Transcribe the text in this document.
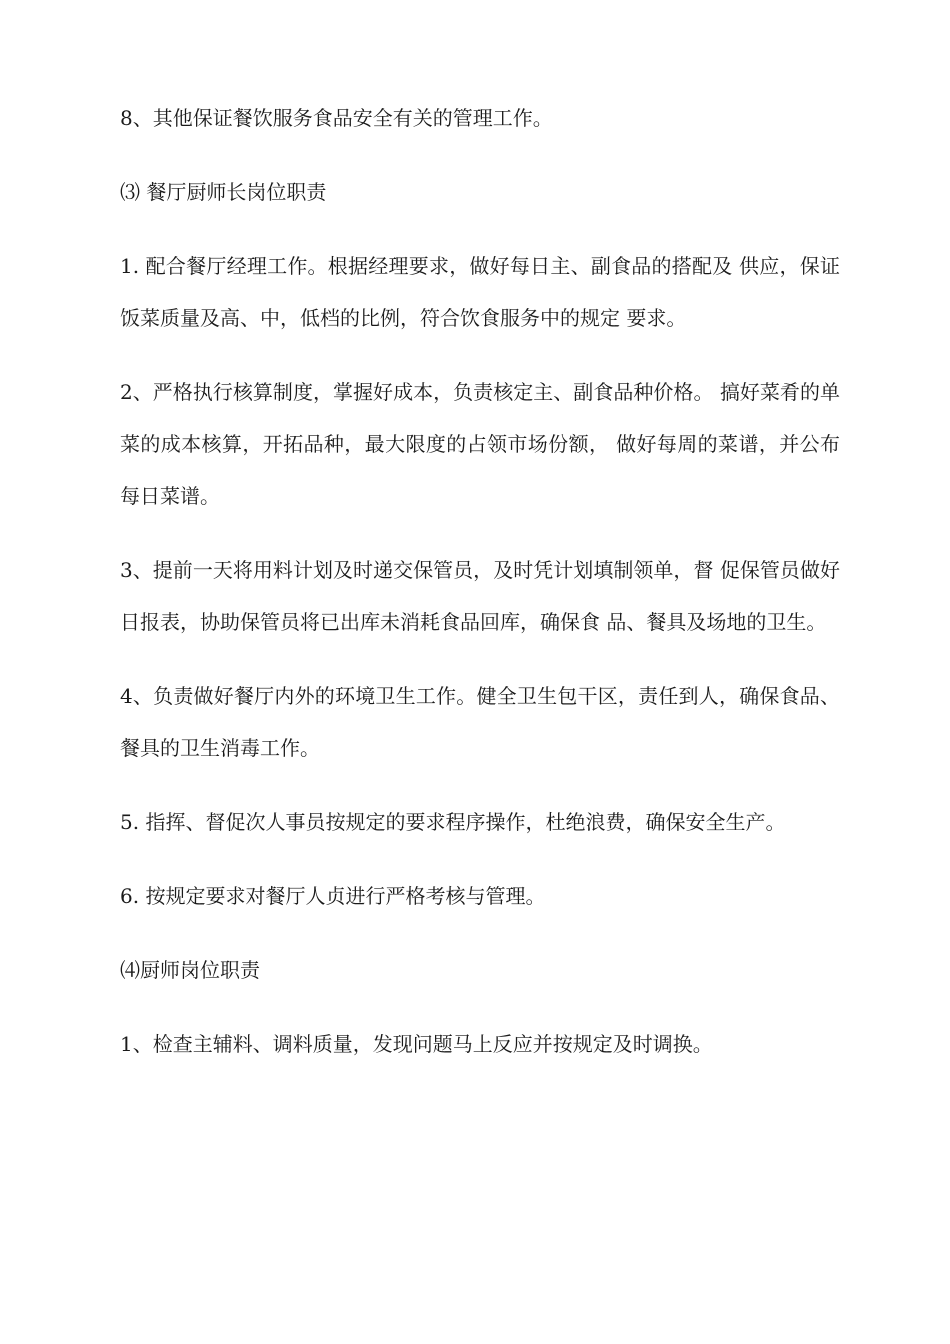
8、其他保证餐饮服务食品安全有关的管理工作。

⑶ 餐厅厨师长岗位职责

1. 配合餐厅经理工作。根据经理要求，做好每日主、副食品的搭配及 供应，保证饭菜质量及高、中，低档的比例，符合饮食服务中的规定 要求。

2、严格执行核算制度，掌握好成本，负责核定主、副食品种价格。 搞好菜肴的单菜的成本核算，开拓品种，最大限度的占领市场份额， 做好每周的菜谱，并公布每日菜谱。

3、提前一天将用料计划及时递交保管员，及时凭计划填制领单，督 促保管员做好日报表，协助保管员将已出库未消耗食品回库，确保食 品、餐具及场地的卫生。

4、负责做好餐厅内外的环境卫生工作。健全卫生包干区，责任到人，确保食品、餐具的卫生消毒工作。

5. 指挥、督促次人事员按规定的要求程序操作，杜绝浪费，确保安全生产。

6. 按规定要求对餐厅人贞进行严格考核与管理。

⑷厨师岗位职责

1、检查主辅料、调料质量，发现问题马上反应并按规定及时调换。
